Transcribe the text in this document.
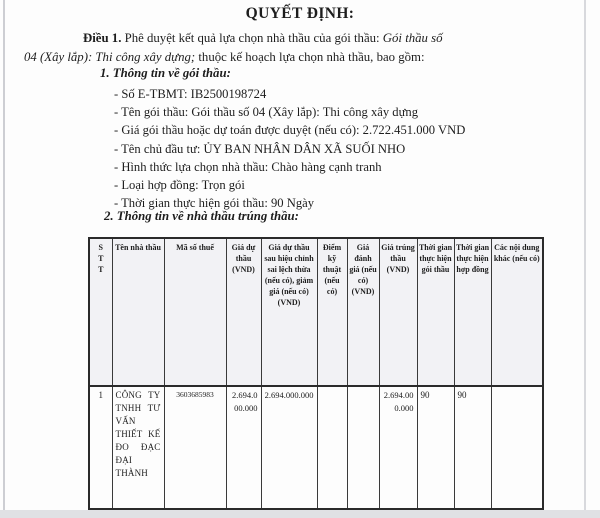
QUYẾT ĐỊNH:

Điều 1. Phê duyệt kết quả lựa chọn nhà thầu của gói thầu: Gói thầu số
04 (Xây lắp): Thi công xây dựng; thuộc kế hoạch lựa chọn nhà thầu, bao gồm:

1. Thông tin về gói thầu:
- Số E-TBMT: IB2500198724
- Tên gói thầu: Gói thầu số 04 (Xây lắp): Thi công xây dựng
- Giá gói thầu hoặc dự toán được duyệt (nếu có): 2.722.451.000 VND
- Tên chủ đầu tư: ỦY BAN NHÂN DÂN XÃ SUỐI NHO
- Hình thức lựa chọn nhà thầu: Chào hàng cạnh tranh
- Loại hợp đồng: Trọn gói
- Thời gian thực hiện gói thầu: 90 Ngày
2. Thông tin về nhà thầu trúng thầu:
STT	Tên nhà thầu	Mã số thuế	Giá dự thầu (VND)	Giá dự thầu sau hiệu chỉnh sai lệch thừa (nếu có), giảm giá (nếu có) (VND)	Điểm kỹ thuật (nếu có)	Giá đánh giá (nếu có) (VND)	Giá trúng thầu (VND)	Thời gian thực hiện gói thầu	Thời gian thực hiện hợp đồng	Các nội dung khác (nếu có)
1	CÔNG TY TNHH TƯ VẤN THIẾT KẾ ĐO ĐẠC ĐẠI THÀNH	3603685983	2.694.000.000	2.694.000.000			2.694.000.000	90	90	
